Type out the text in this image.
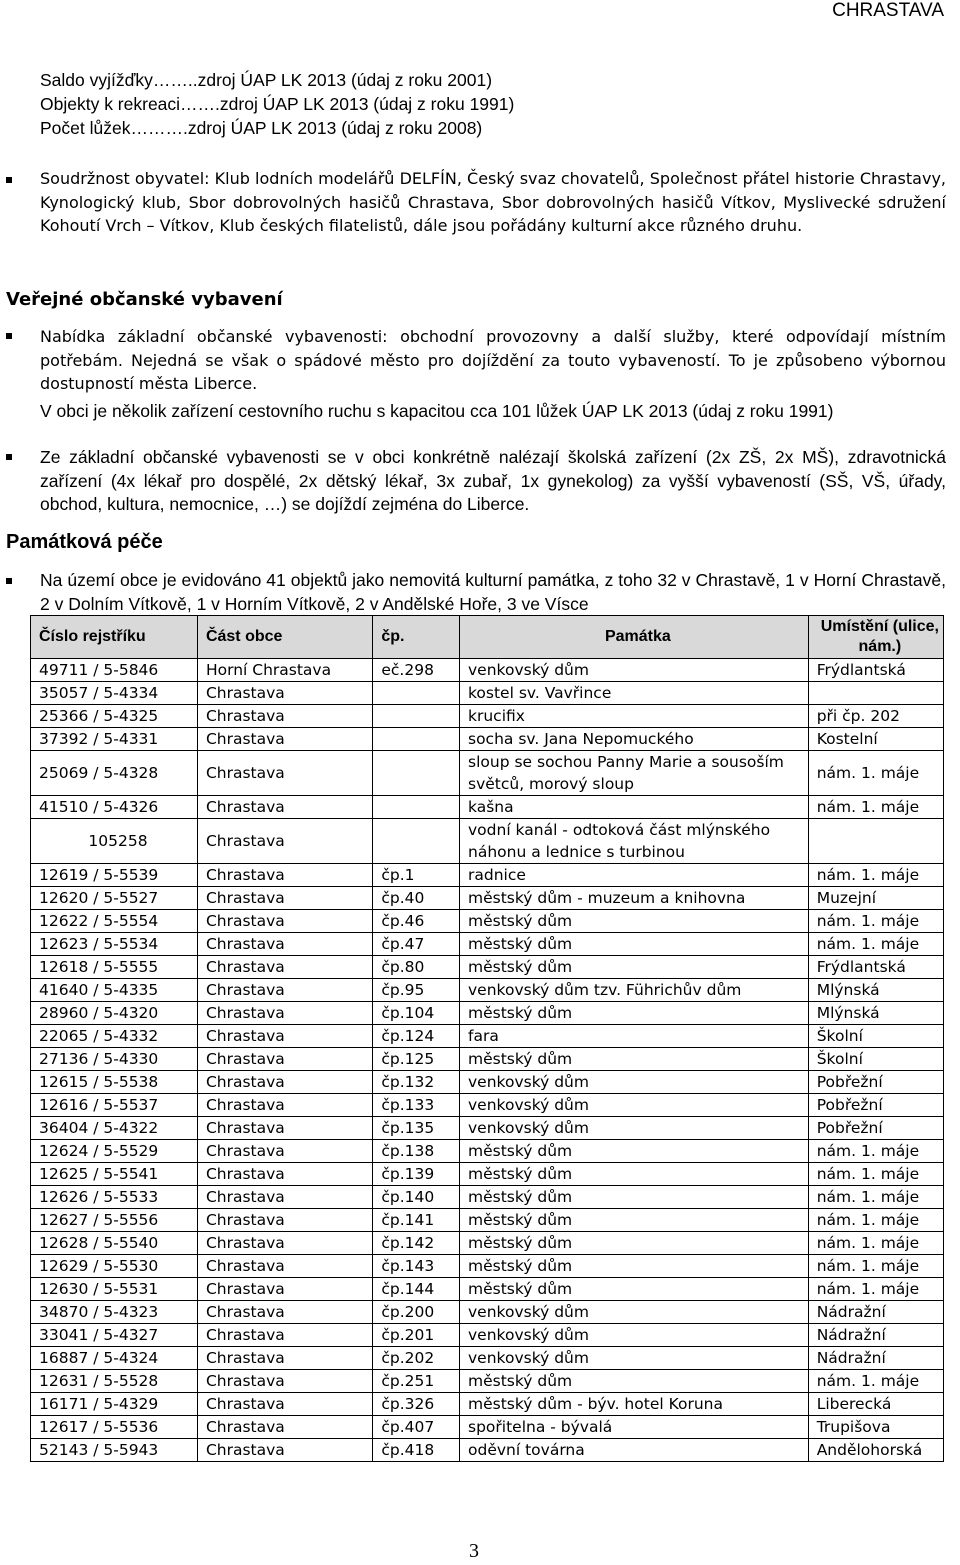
CHRASTAVA
Saldo vyjížďky……..zdroj ÚAP LK 2013 (údaj z roku 2001)
Objekty k rekreaci…….zdroj ÚAP LK 2013 (údaj z roku 1991)
Počet lůžek……….zdroj ÚAP LK 2013 (údaj z roku 2008)
Soudržnost obyvatel: Klub lodních modelářů DELFÍN, Český svaz chovatelů, Společnost přátel historie Chrastavy, Kynologický klub, Sbor dobrovolných hasičů Chrastava, Sbor dobrovolných hasičů Vítkov, Myslivecké sdružení Kohoutí Vrch – Vítkov, Klub českých filatelistů, dále jsou pořádány kulturní akce různého druhu.
Veřejné občanské vybavení
Nabídka základní občanské vybavenosti: obchodní provozovny a další služby, které odpovídají místním potřebám. Nejedná se však o spádové město pro dojíždění za touto vybaveností. To je způsobeno výbornou dostupností města Liberce.
V obci je několik zařízení cestovního ruchu s kapacitou cca 101 lůžek ÚAP LK 2013 (údaj z roku 1991)
Ze základní občanské vybavenosti se v obci konkrétně nalézají školská zařízení (2x ZŠ, 2x MŠ), zdravotnická zařízení (4x lékař pro dospělé, 2x dětský lékař, 3x zubař, 1x gynekolog) za vyšší vybaveností (SŠ, VŠ, úřady, obchod, kultura, nemocnice, …) se dojíždí zejména do Liberce.
Památková péče
Na území obce je evidováno 41 objektů jako nemovitá kulturní památka, z toho 32 v Chrastavě, 1 v Horní Chrastavě, 2 v Dolním Vítkově, 1 v Horním Vítkově, 2 v Andělské Hoře, 3 ve Vísce
Číslo rejstříku	Část obce	čp.	Památka	Umístění (ulice, nám.)
49711 / 5-5846	Horní Chrastava	eč.298	venkovský dům	Frýdlantská
35057 / 5-4334	Chrastava		kostel sv. Vavřince	
25366 / 5-4325	Chrastava		krucifix	při čp. 202
37392 / 5-4331	Chrastava		socha sv. Jana Nepomuckého	Kostelní
25069 / 5-4328	Chrastava		sloup se sochou Panny Marie a sousoším světců, morový sloup	nám. 1. máje
41510 / 5-4326	Chrastava		kašna	nám. 1. máje
105258	Chrastava		vodní kanál - odtoková část mlýnského náhonu a lednice s turbinou	
12619 / 5-5539	Chrastava	čp.1	radnice	nám. 1. máje
12620 / 5-5527	Chrastava	čp.40	městský dům - muzeum a knihovna	Muzejní
12622 / 5-5554	Chrastava	čp.46	městský dům	nám. 1. máje
12623 / 5-5534	Chrastava	čp.47	městský dům	nám. 1. máje
12618 / 5-5555	Chrastava	čp.80	městský dům	Frýdlantská
41640 / 5-4335	Chrastava	čp.95	venkovský dům tzv. Führichův dům	Mlýnská
28960 / 5-4320	Chrastava	čp.104	městský dům	Mlýnská
22065 / 5-4332	Chrastava	čp.124	fara	Školní
27136 / 5-4330	Chrastava	čp.125	městský dům	Školní
12615 / 5-5538	Chrastava	čp.132	venkovský dům	Pobřežní
12616 / 5-5537	Chrastava	čp.133	venkovský dům	Pobřežní
36404 / 5-4322	Chrastava	čp.135	venkovský dům	Pobřežní
12624 / 5-5529	Chrastava	čp.138	městský dům	nám. 1. máje
12625 / 5-5541	Chrastava	čp.139	městský dům	nám. 1. máje
12626 / 5-5533	Chrastava	čp.140	městský dům	nám. 1. máje
12627 / 5-5556	Chrastava	čp.141	městský dům	nám. 1. máje
12628 / 5-5540	Chrastava	čp.142	městský dům	nám. 1. máje
12629 / 5-5530	Chrastava	čp.143	městský dům	nám. 1. máje
12630 / 5-5531	Chrastava	čp.144	městský dům	nám. 1. máje
34870 / 5-4323	Chrastava	čp.200	venkovský dům	Nádražní
33041 / 5-4327	Chrastava	čp.201	venkovský dům	Nádražní
16887 / 5-4324	Chrastava	čp.202	venkovský dům	Nádražní
12631 / 5-5528	Chrastava	čp.251	městský dům	nám. 1. máje
16171 / 5-4329	Chrastava	čp.326	městský dům - býv. hotel Koruna	Liberecká
12617 / 5-5536	Chrastava	čp.407	spořitelna - bývalá	Trupišova
52143 / 5-5943	Chrastava	čp.418	oděvní továrna	Andělohorská
3
